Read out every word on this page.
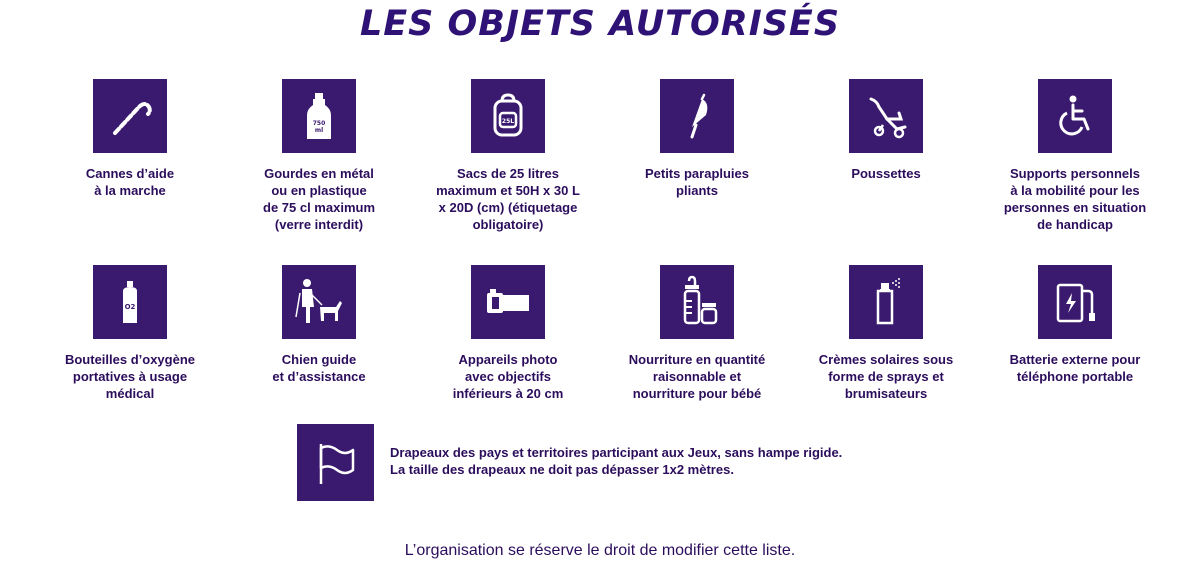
LES OBJETS AUTORISÉS
Cannes d’aide
à la marche
750
ml
Gourdes en métal
ou en plastique
de 75 cl maximum
(verre interdit)
25L
Sacs de 25 litres
maximum et 50H x 30 L
x 20D (cm) (étiquetage
obligatoire)
Petits parapluies
pliants
Poussettes	Supports personnels
à la mobilité pour les
personnes en situation
de handicap
O2
Bouteilles d’oxygène
portatives à usage
médical
Chien guide
et d’assistance
Appareils photo
avec objectifs
inférieurs à 20 cm
Nourriture en quantité
raisonnable et
nourriture pour bébé
Crèmes solaires sous
forme de sprays et
brumisateurs
Batterie externe pour
téléphone portable
Drapeaux des pays et territoires participant aux Jeux, sans hampe rigide.
La taille des drapeaux ne doit pas dépasser 1x2 mètres.
L’organisation se réserve le droit de modifier cette liste.
